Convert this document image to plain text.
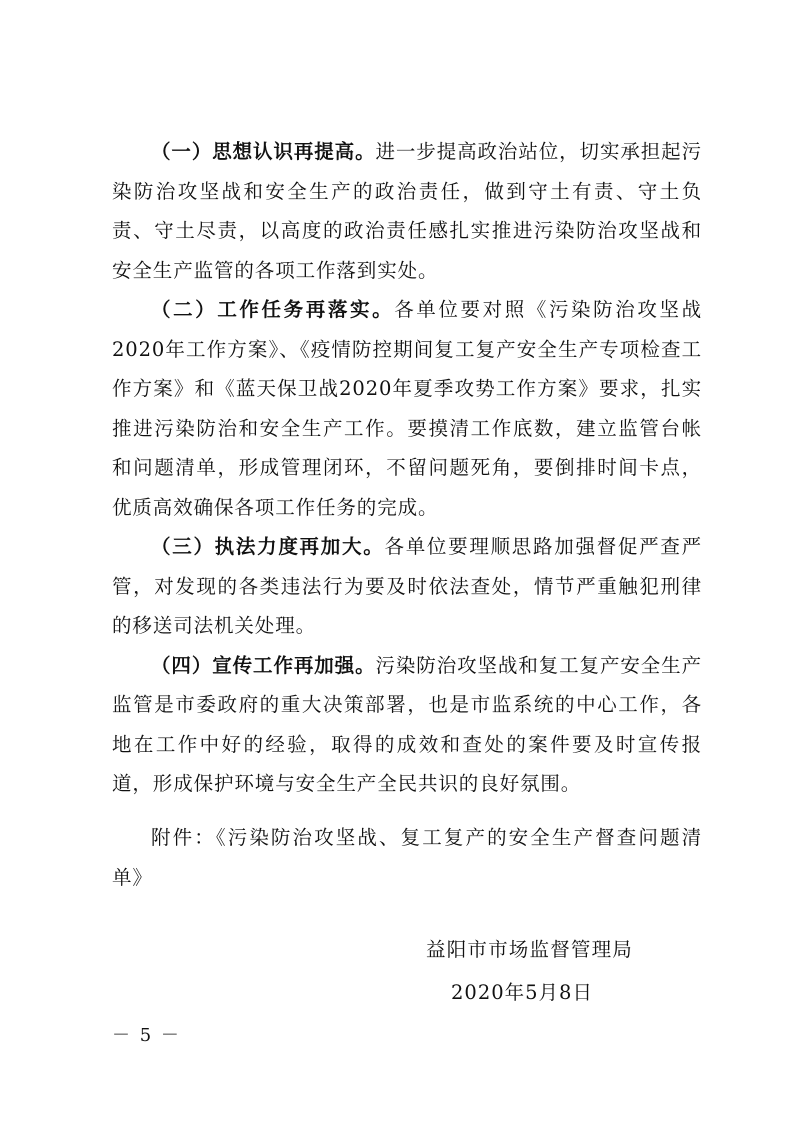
（一）思想认识再提高。进一步提高政治站位，切实承担起污染防治攻坚战和安全生产的政治责任，做到守土有责、守土负责、守土尽责，以高度的政治责任感扎实推进污染防治攻坚战和安全生产监管的各项工作落到实处。

（二）工作任务再落实。各单位要对照《污染防治攻坚战2020年工作方案》、《疫情防控期间复工复产安全生产专项检查工作方案》和《蓝天保卫战2020年夏季攻势工作方案》要求，扎实推进污染防治和安全生产工作。要摸清工作底数，建立监管台帐和问题清单，形成管理闭环，不留问题死角，要倒排时间卡点，优质高效确保各项工作任务的完成。

（三）执法力度再加大。各单位要理顺思路加强督促严查严管，对发现的各类违法行为要及时依法查处，情节严重触犯刑律的移送司法机关处理。

（四）宣传工作再加强。污染防治攻坚战和复工复产安全生产监管是市委政府的重大决策部署，也是市监系统的中心工作，各地在工作中好的经验，取得的成效和查处的案件要及时宣传报道，形成保护环境与安全生产全民共识的良好氛围。

附件：《污染防治攻坚战、复工复产的安全生产督查问题清单》

益阳市市场监督管理局
2020年5月8日
－ 5 －
